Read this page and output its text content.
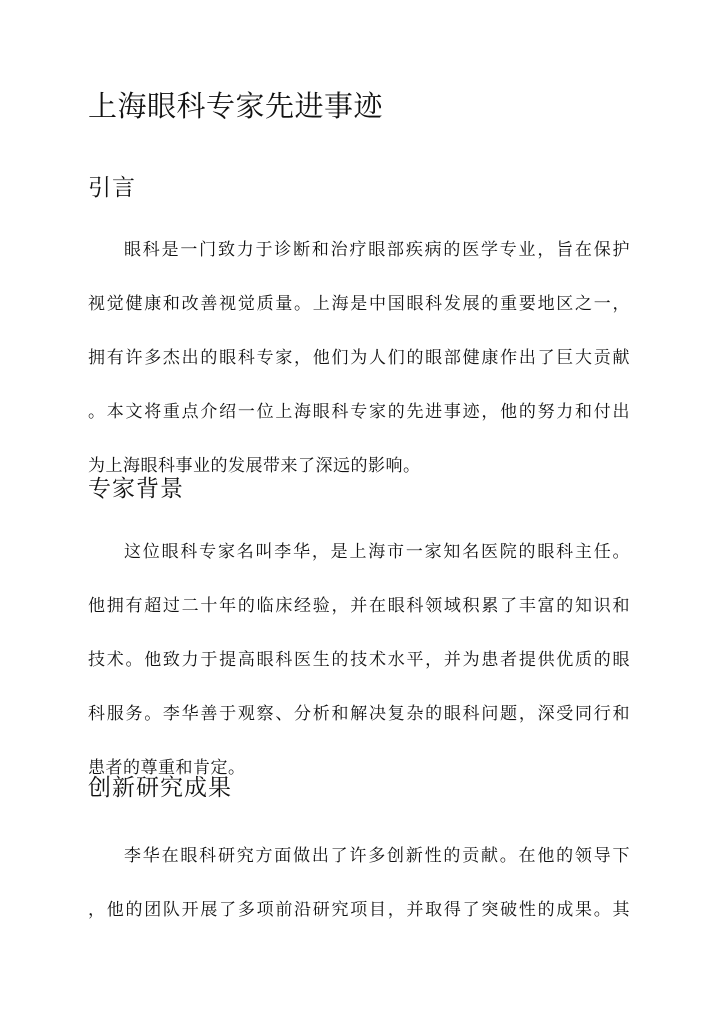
上海眼科专家先进事迹
引言
眼科是一门致力于诊断和治疗眼部疾病的医学专业，旨在保护
视觉健康和改善视觉质量。上海是中国眼科发展的重要地区之一，
拥有许多杰出的眼科专家，他们为人们的眼部健康作出了巨大贡献
。本文将重点介绍一位上海眼科专家的先进事迹，他的努力和付出
为上海眼科事业的发展带来了深远的影响。
专家背景
这位眼科专家名叫李华，是上海市一家知名医院的眼科主任。
他拥有超过二十年的临床经验，并在眼科领域积累了丰富的知识和
技术。他致力于提高眼科医生的技术水平，并为患者提供优质的眼
科服务。李华善于观察、分析和解决复杂的眼科问题，深受同行和
患者的尊重和肯定。
创新研究成果
李华在眼科研究方面做出了许多创新性的贡献。在他的领导下
，他的团队开展了多项前沿研究项目，并取得了突破性的成果。其
